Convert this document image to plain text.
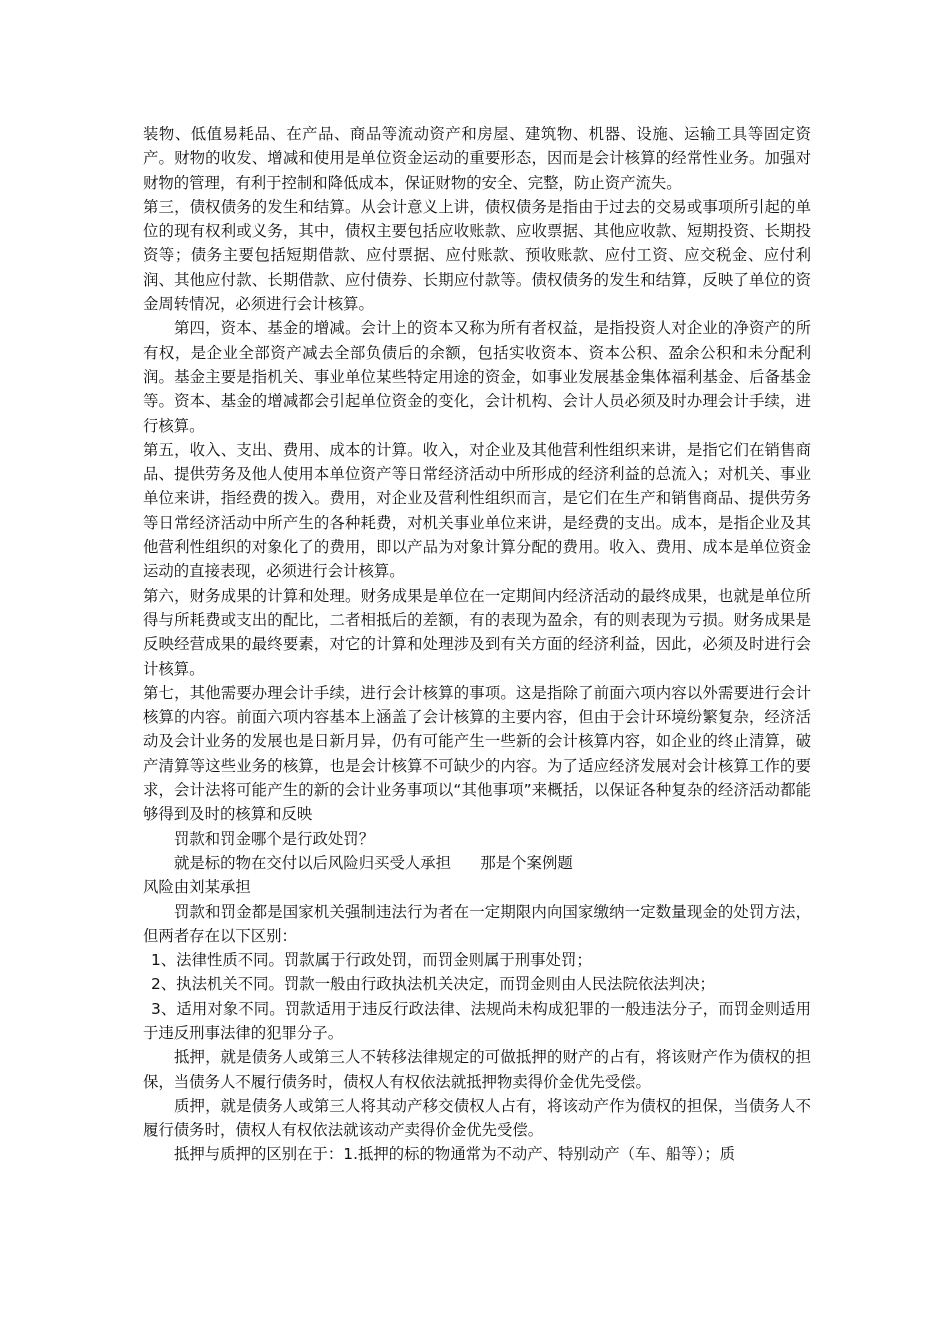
装物、低值易耗品、在产品、商品等流动资产和房屋、建筑物、机器、设施、运输工具等固定资产。财物的收发、增减和使用是单位资金运动的重要形态，因而是会计核算的经常性业务。加强对财物的管理，有利于控制和降低成本，保证财物的安全、完整，防止资产流失。

第三，债权债务的发生和结算。从会计意义上讲，债权债务是指由于过去的交易或事项所引起的单位的现有权利或义务，其中，债权主要包括应收账款、应收票据、其他应收款、短期投资、长期投资等；债务主要包括短期借款、应付票据、应付账款、预收账款、应付工资、应交税金、应付利润、其他应付款、长期借款、应付债券、长期应付款等。债权债务的发生和结算，反映了单位的资金周转情况，必须进行会计核算。

第四，资本、基金的增减。会计上的资本又称为所有者权益，是指投资人对企业的净资产的所有权，是企业全部资产减去全部负债后的余额，包括实收资本、资本公积、盈余公积和未分配利润。基金主要是指机关、事业单位某些特定用途的资金，如事业发展基金集体福利基金、后备基金等。资本、基金的增减都会引起单位资金的变化，会计机构、会计人员必须及时办理会计手续，进行核算。

第五，收入、支出、费用、成本的计算。收入，对企业及其他营利性组织来讲，是指它们在销售商品、提供劳务及他人使用本单位资产等日常经济活动中所形成的经济利益的总流入；对机关、事业单位来讲，指经费的拨入。费用，对企业及营利性组织而言，是它们在生产和销售商品、提供劳务等日常经济活动中所产生的各种耗费，对机关事业单位来讲，是经费的支出。成本，是指企业及其他营利性组织的对象化了的费用，即以产品为对象计算分配的费用。收入、费用、成本是单位资金运动的直接表现，必须进行会计核算。

第六，财务成果的计算和处理。财务成果是单位在一定期间内经济活动的最终成果，也就是单位所得与所耗费或支出的配比，二者相抵后的差额，有的表现为盈余，有的则表现为亏损。财务成果是反映经营成果的最终要素，对它的计算和处理涉及到有关方面的经济利益，因此，必须及时进行会计核算。

第七，其他需要办理会计手续，进行会计核算的事项。这是指除了前面六项内容以外需要进行会计核算的内容。前面六项内容基本上涵盖了会计核算的主要内容，但由于会计环境纷繁复杂，经济活动及会计业务的发展也是日新月异，仍有可能产生一些新的会计核算内容，如企业的终止清算，破产清算等这些业务的核算，也是会计核算不可缺少的内容。为了适应经济发展对会计核算工作的要求，会计法将可能产生的新的会计业务事项以“其他事项”来概括，以保证各种复杂的经济活动都能够得到及时的核算和反映

罚款和罚金哪个是行政处罚？

就是标的物在交付以后风险归买受人承担      那是个案例题

风险由刘某承担

罚款和罚金都是国家机关强制违法行为者在一定期限内向国家缴纳一定数量现金的处罚方法，但两者存在以下区别：

1、法律性质不同。罚款属于行政处罚，而罚金则属于刑事处罚；

2、执法机关不同。罚款一般由行政执法机关决定，而罚金则由人民法院依法判决；

3、适用对象不同。罚款适用于违反行政法律、法规尚未构成犯罪的一般违法分子，而罚金则适用于违反刑事法律的犯罪分子。

抵押，就是债务人或第三人不转移法律规定的可做抵押的财产的占有，将该财产作为债权的担保，当债务人不履行债务时，债权人有权依法就抵押物卖得价金优先受偿。

质押，就是债务人或第三人将其动产移交债权人占有，将该动产作为债权的担保，当债务人不履行债务时，债权人有权依法就该动产卖得价金优先受偿。

抵押与质押的区别在于：1.抵押的标的物通常为不动产、特别动产（车、船等）；质
